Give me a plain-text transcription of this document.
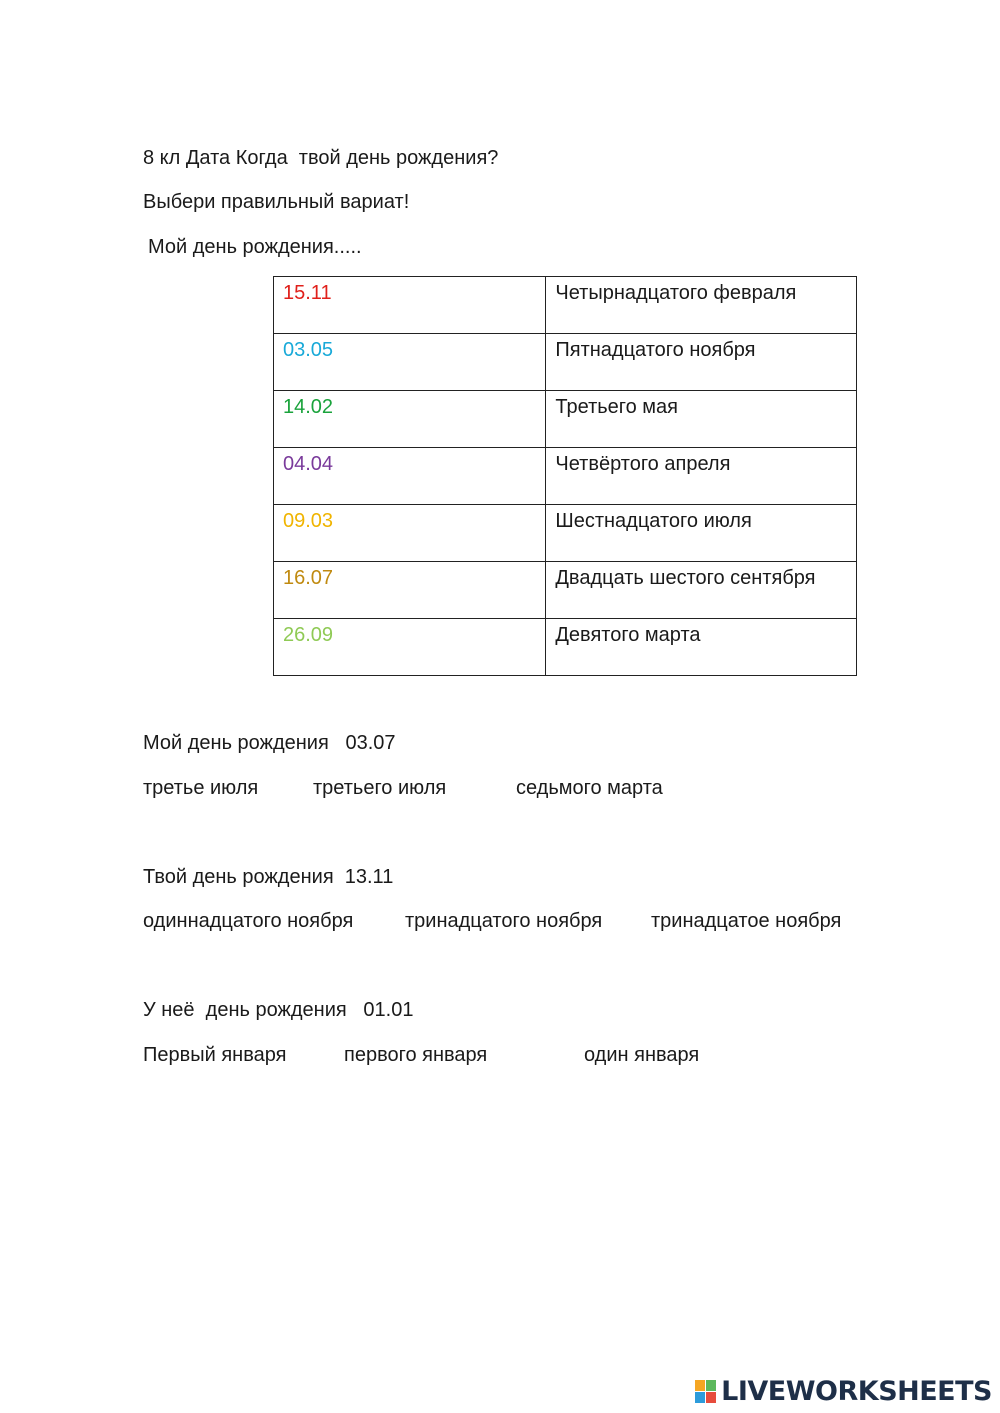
8 кл Дата Когда  твой день рождения?
Выбери правильный вариат!
Мой день рождения.....
15.11	Четырнадцатого февраля
03.05	Пятнадцатого ноября
14.02	Третьего мая
04.04	Четвёртого апреля
09.03	Шестнадцатого июля
16.07	Двадцать шестого сентября
26.09	Девятого марта
Мой день рождения   03.07
третье июля	третьего июля	седьмого марта
Твой день рождения  13.11
одиннадцатого ноября	тринадцатого ноября тринадцатое ноября
У неё  день рождения   01.01
Первый января	первого января	один января
LIVEWORKSHEETS
